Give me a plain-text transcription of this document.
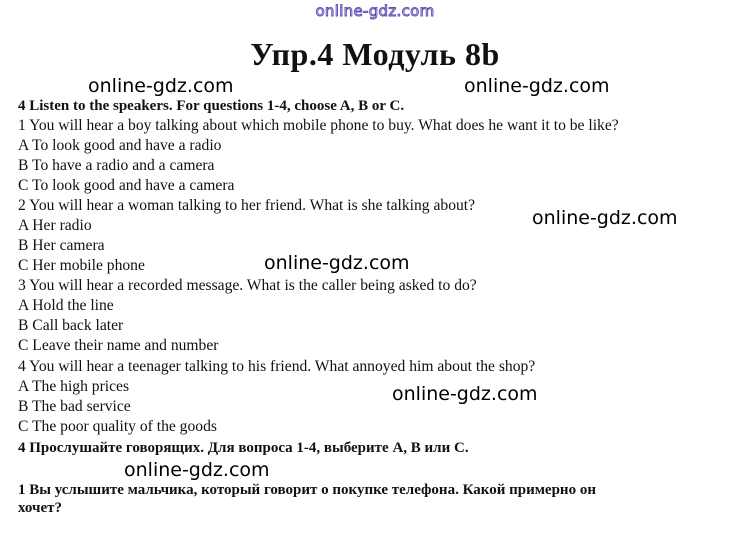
online-gdz.com
Упр.4 Модуль 8b
4 Listen to the speakers. For questions 1-4, choose A, B or C.
1 You will hear a boy talking about which mobile phone to buy. What does he want it to be like?
A To look good and have a radio
B To have a radio and a camera
C To look good and have a camera
2 You will hear a woman talking to her friend. What is she talking about?
A Her radio
B Her camera
C Her mobile phone
3 You will hear a recorded message. What is the caller being asked to do?
A Hold the line
B Call back later
C Leave their name and number
4 You will hear a teenager talking to his friend. What annoyed him about the shop?
A The high prices
B The bad service
C The poor quality of the goods
4 Прослушайте говорящих. Для вопроса 1-4, выберите А, В или С.
1 Вы услышите мальчика, который говорит о покупке телефона. Какой примерно он
хочет?
online-gdz.com	online-gdz.com
online-gdz.com
online-gdz.com
online-gdz.com
online-gdz.com
